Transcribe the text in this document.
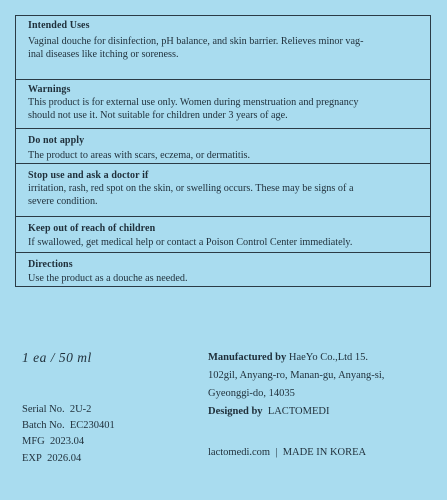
Intended Uses

Vaginal douche for disinfection, pH balance, and skin barrier. Relieves minor vag-

inal diseases like itching or soreness.

Warnings

This product is for external use only. Women during menstruation and pregnancy

should not use it. Not suitable for children under 3 years of age.

Do not apply

The product to areas with scars, eczema, or dermatitis.

Stop use and ask a doctor if

irritation, rash, red spot on the skin, or swelling occurs. These may be signs of a

severe condition.

Keep out of reach of children

If swallowed, get medical help or contact a Poison Control Center immediately.

Directions

Use the product as a douche as needed.

1 ea / 50 ml
Serial No. 2U-2
Batch No. EC230401
MFG 2023.04
EXP 2026.04
Manufactured by HaeYo Co.,Ltd 15.
102gil, Anyang-ro, Manan-gu, Anyang-si,
Gyeonggi-do, 14035
Designed by LACTOMEDI
lactomedi.com | MADE IN KOREA
